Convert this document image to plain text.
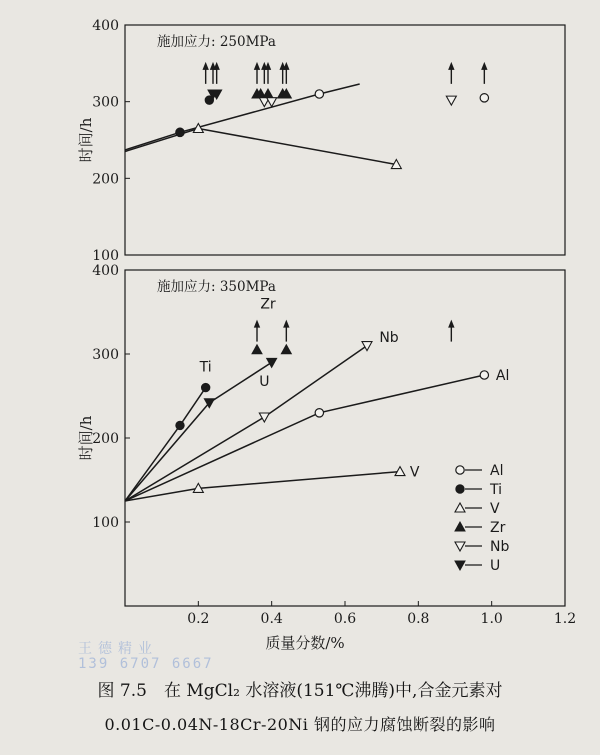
100
200
300
400
施加应力: 250MPa
时间/h
100
200
300
400
0.2	0.4	0.6	0.8	1.0	1.2
施加应力: 350MPa
时间/h
质量分数/%
Al
Ti
V
Zr
Nb
U
Al
Ti
V
Zr
Nb
U
王德精业
139 6707 6667
图 7.5　在 MgCl₂ 水溶液(151℃沸腾)中,合金元素对
0.01C-0.04N-18Cr-20Ni 钢的应力腐蚀断裂的影响
